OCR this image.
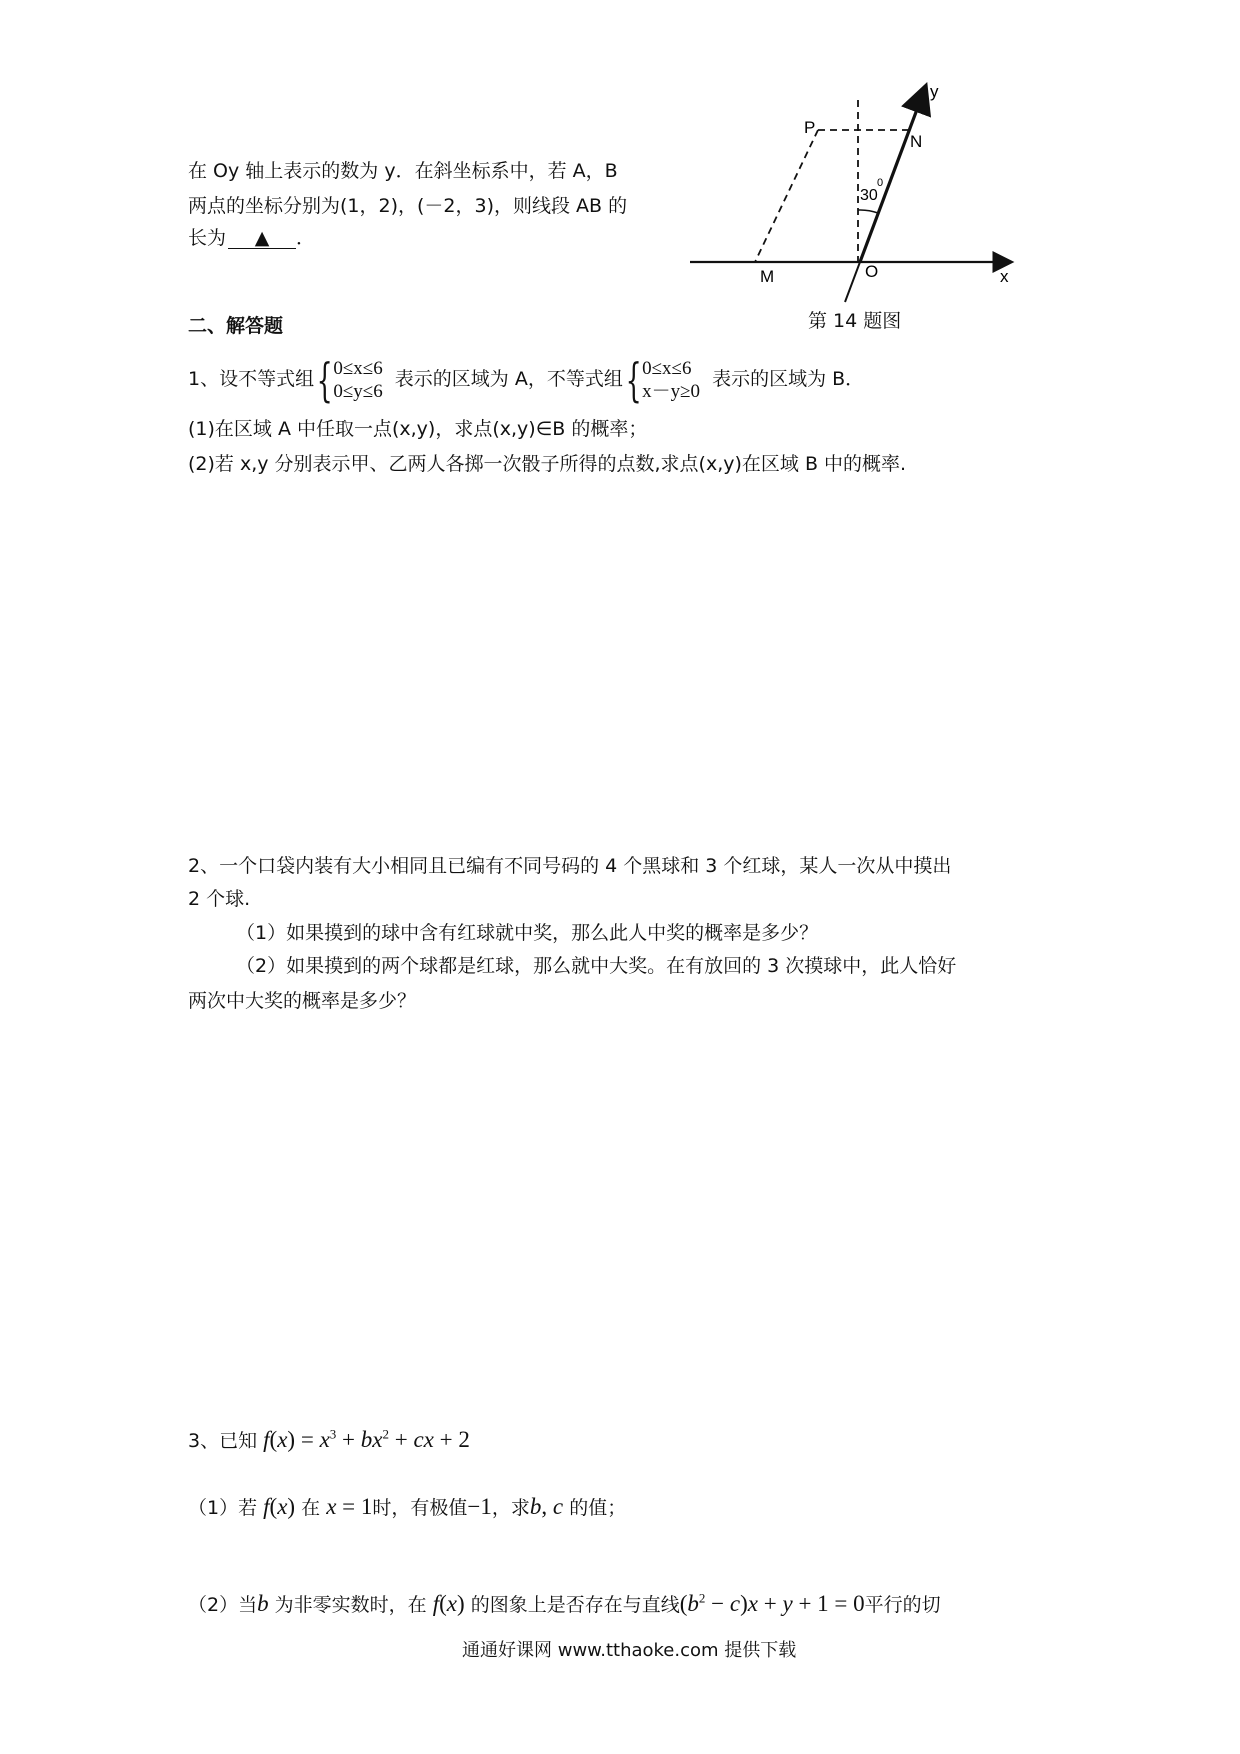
在 Oy 轴上表示的数为 y．在斜坐标系中，若 A，B
两点的坐标分别为(1，2)，(－2，3)，则线段 AB 的
长为 ▲ ．
P
N
y
x
M	O
30
0
第 14 题图
二、解答题
1、设不等式组{ 0≤x≤6
0≤y≤6
表示的区域为 A，不等式组{ 0≤x≤6
x－y≥0
表示的区域为 B．
(1)在区域 A 中任取一点(x,y)，求点(x,y)∈B 的概率；
(2)若 x,y 分别表示甲、乙两人各掷一次骰子所得的点数,求点(x,y)在区域 B 中的概率.
2、一个口袋内装有大小相同且已编有不同号码的 4 个黑球和 3 个红球，某人一次从中摸出
2 个球.
（1）如果摸到的球中含有红球就中奖，那么此人中奖的概率是多少？
（2）如果摸到的两个球都是红球，那么就中大奖。在有放回的 3 次摸球中，此人恰好
两次中大奖的概率是多少？
3、已知 $f(x) = x^3 + bx^2$ + cx + 2
（1）若 f(x) 在 x = 1时，有极值−1，求b, c 的值；
（2）当b 为非零实数时，在 f(x) 的图象上是否存在与直线$(b^2 - c)x + y + 1 = 0$平行的切
通通好课网 www.tthaoke.com 提供下载
